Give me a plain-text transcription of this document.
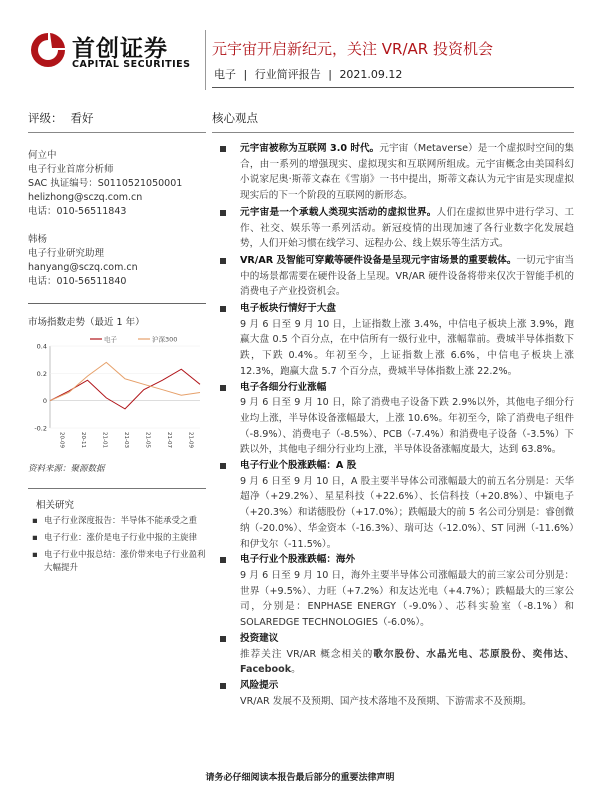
首创证券
CAPITAL SECURITIES
元宇宙开启新纪元，关注 VR/AR 投资机会
电子 | 行业简评报告 | 2021.09.12
评级： 看好
何立中
电子行业首席分析师
SAC 执证编号：S0110521050001
helizhong@sczq.com.cn
电话：010-56511843
韩杨
电子行业研究助理
hanyang@sczq.com.cn
电话：010-56511840
市场指数走势（最近 1 年）
-0.2
0
0.2
0.4
20-09	20-11	21-01	21-03	21-05	21-07	21-09
电子	沪深300
资料来源：聚源数据
相关研究
▪ 电子行业深度报告：半导体不能承受之重
▪ 电子行业：涨价是电子行业中报的主旋律
▪ 电子行业中报总结：涨价带来电子行业盈利大幅提升
核心观点
元宇宙被称为互联网 3.0 时代。元宇宙（Metaverse）是一个虚拟时空间的集合，由一系列的增强现实、虚拟现实和互联网所组成。元宇宙概念由美国科幻小说家尼奥·斯蒂文森在《雪崩》一书中提出，斯蒂文森认为元宇宙是实现虚拟现实后的下一个阶段的互联网的新形态。
元宇宙是一个承载人类现实活动的虚拟世界。人们在虚拟世界中进行学习、工作、社交、娱乐等一系列活动。新冠疫情的出现加速了各行业数字化发展趋势，人们开始习惯在线学习、远程办公、线上娱乐等生活方式。
VR/AR 及智能可穿戴等硬件设备是呈现元宇宙场景的重要载体。一切元宇宙当中的场景都需要在硬件设备上呈现。VR/AR 硬件设备将带来仅次于智能手机的消费电子产业投资机会。
电子板块行情好于大盘
9 月 6 日至 9 月 10 日，上证指数上涨 3.4%，中信电子板块上涨 3.9%，跑赢大盘 0.5 个百分点，在中信所有一级行业中，涨幅靠前。费城半导体指数下跌，下跌 0.4%。年初至今，上证指数上涨 6.6%，中信电子板块上涨 12.3%，跑赢大盘 5.7 个百分点，费城半导体指数上涨 22.2%。
电子各细分行业涨幅
9 月 6 日至 9 月 10 日，除了消费电子设备下跌 2.9%以外，其他电子细分行业均上涨，半导体设备涨幅最大，上涨 10.6%。年初至今，除了消费电子组件（-8.9%）、消费电子（-8.5%）、PCB（-7.4%）和消费电子设备（-3.5%）下跌以外，其他电子细分行业均上涨，半导体设备涨幅度最大，达到 63.8%。
电子行业个股涨跌幅：A 股
9 月 6 日至 9 月 10 日，A 股主要半导体公司涨幅最大的前五名分别是：天华超净（+29.2%）、星星科技（+22.6%）、长信科技（+20.8%）、中颖电子（+20.3%）和诺德股份（+17.0%）；跌幅最大的前 5 名公司分别是：睿创微纳（-20.0%）、华金资本（-16.3%）、瑞可达（-12.0%）、ST 同洲（-11.6%）和伊戈尔（-11.5%）。
电子行业个股涨跌幅：海外
9 月 6 日至 9 月 10 日，海外主要半导体公司涨幅最大的前三家公司分别是：世界（+9.5%）、力旺（+7.2%）和友达光电（+4.7%）；跌幅最大的三家公司，分别是：ENPHASE ENERGY（-9.0%）、芯科实验室（-8.1%）和 SOLAREDGE TECHNOLOGIES（-6.0%）。
投资建议
推荐关注 VR/AR 概念相关的歌尔股份、水晶光电、芯原股份、奕伟达、Facebook。
风险提示
VR/AR 发展不及预期、国产技术落地不及预期、下游需求不及预期。
请务必仔细阅读本报告最后部分的重要法律声明
